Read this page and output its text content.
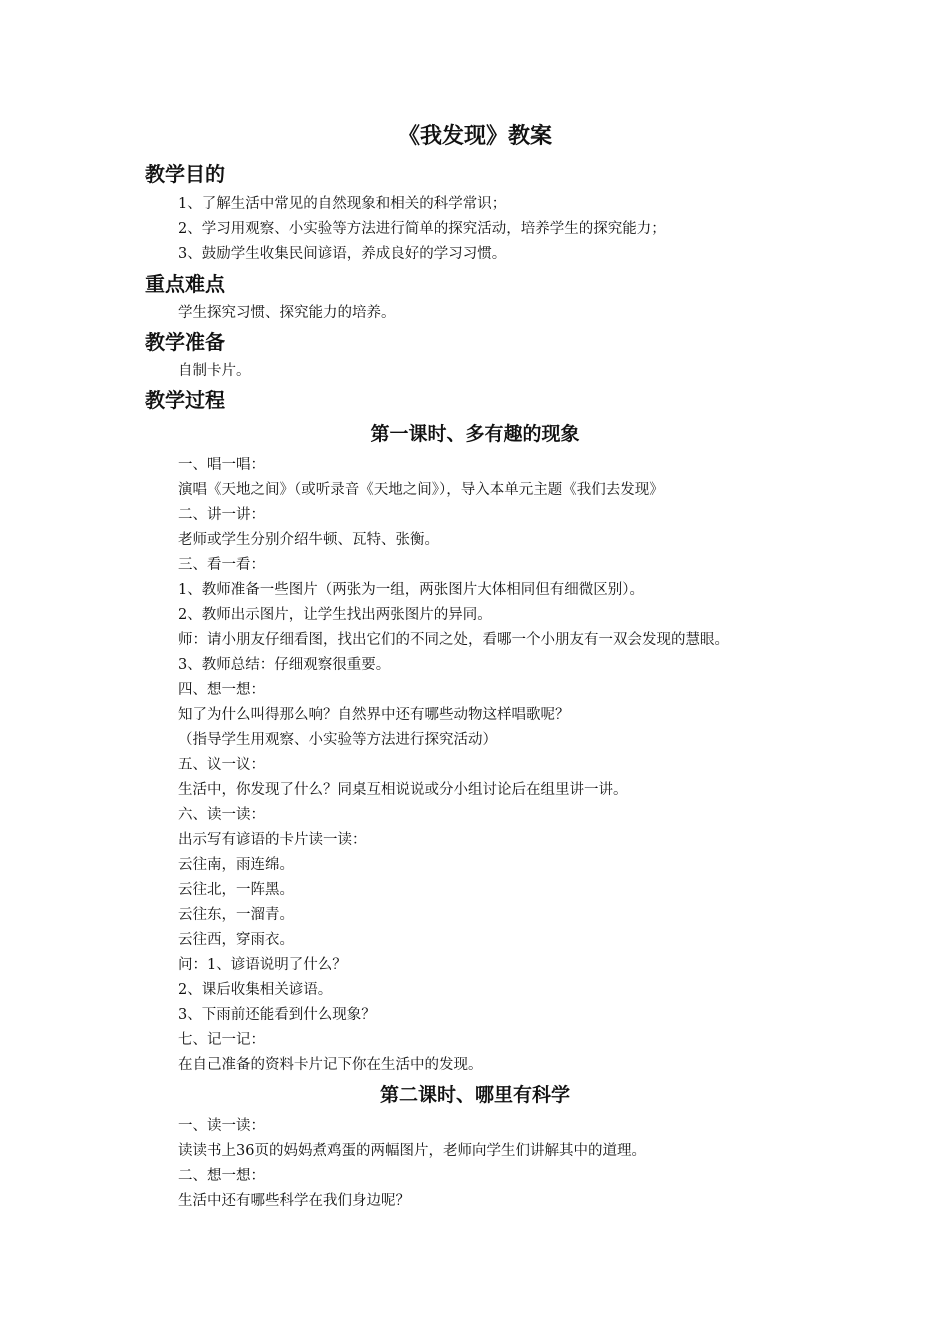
《我发现》教案
教学目的
1、了解生活中常见的自然现象和相关的科学常识；
2、学习用观察、小实验等方法进行简单的探究活动，培养学生的探究能力；
3、鼓励学生收集民间谚语，养成良好的学习习惯。
重点难点
学生探究习惯、探究能力的培养。
教学准备
自制卡片。
教学过程
第一课时、多有趣的现象
一、唱一唱：
演唱《天地之间》（或听录音《天地之间》），导入本单元主题《我们去发现》
二、讲一讲：
老师或学生分别介绍牛顿、瓦特、张衡。
三、看一看：
1、教师准备一些图片（两张为一组，两张图片大体相同但有细微区别）。
2、教师出示图片，让学生找出两张图片的异同。
师：请小朋友仔细看图，找出它们的不同之处，看哪一个小朋友有一双会发现的慧眼。
3、教师总结：仔细观察很重要。
四、想一想：
知了为什么叫得那么响？自然界中还有哪些动物这样唱歌呢？
（指导学生用观察、小实验等方法进行探究活动）
五、议一议：
生活中，你发现了什么？同桌互相说说或分小组讨论后在组里讲一讲。
六、读一读：
出示写有谚语的卡片读一读：
云往南，雨连绵。
云往北，一阵黑。
云往东，一溜青。
云往西，穿雨衣。
问：1、谚语说明了什么？
2、课后收集相关谚语。
3、下雨前还能看到什么现象？
七、记一记：
在自己准备的资料卡片记下你在生活中的发现。
第二课时、哪里有科学
一、读一读：
读读书上36页的妈妈煮鸡蛋的两幅图片，老师向学生们讲解其中的道理。
二、想一想：
生活中还有哪些科学在我们身边呢？
